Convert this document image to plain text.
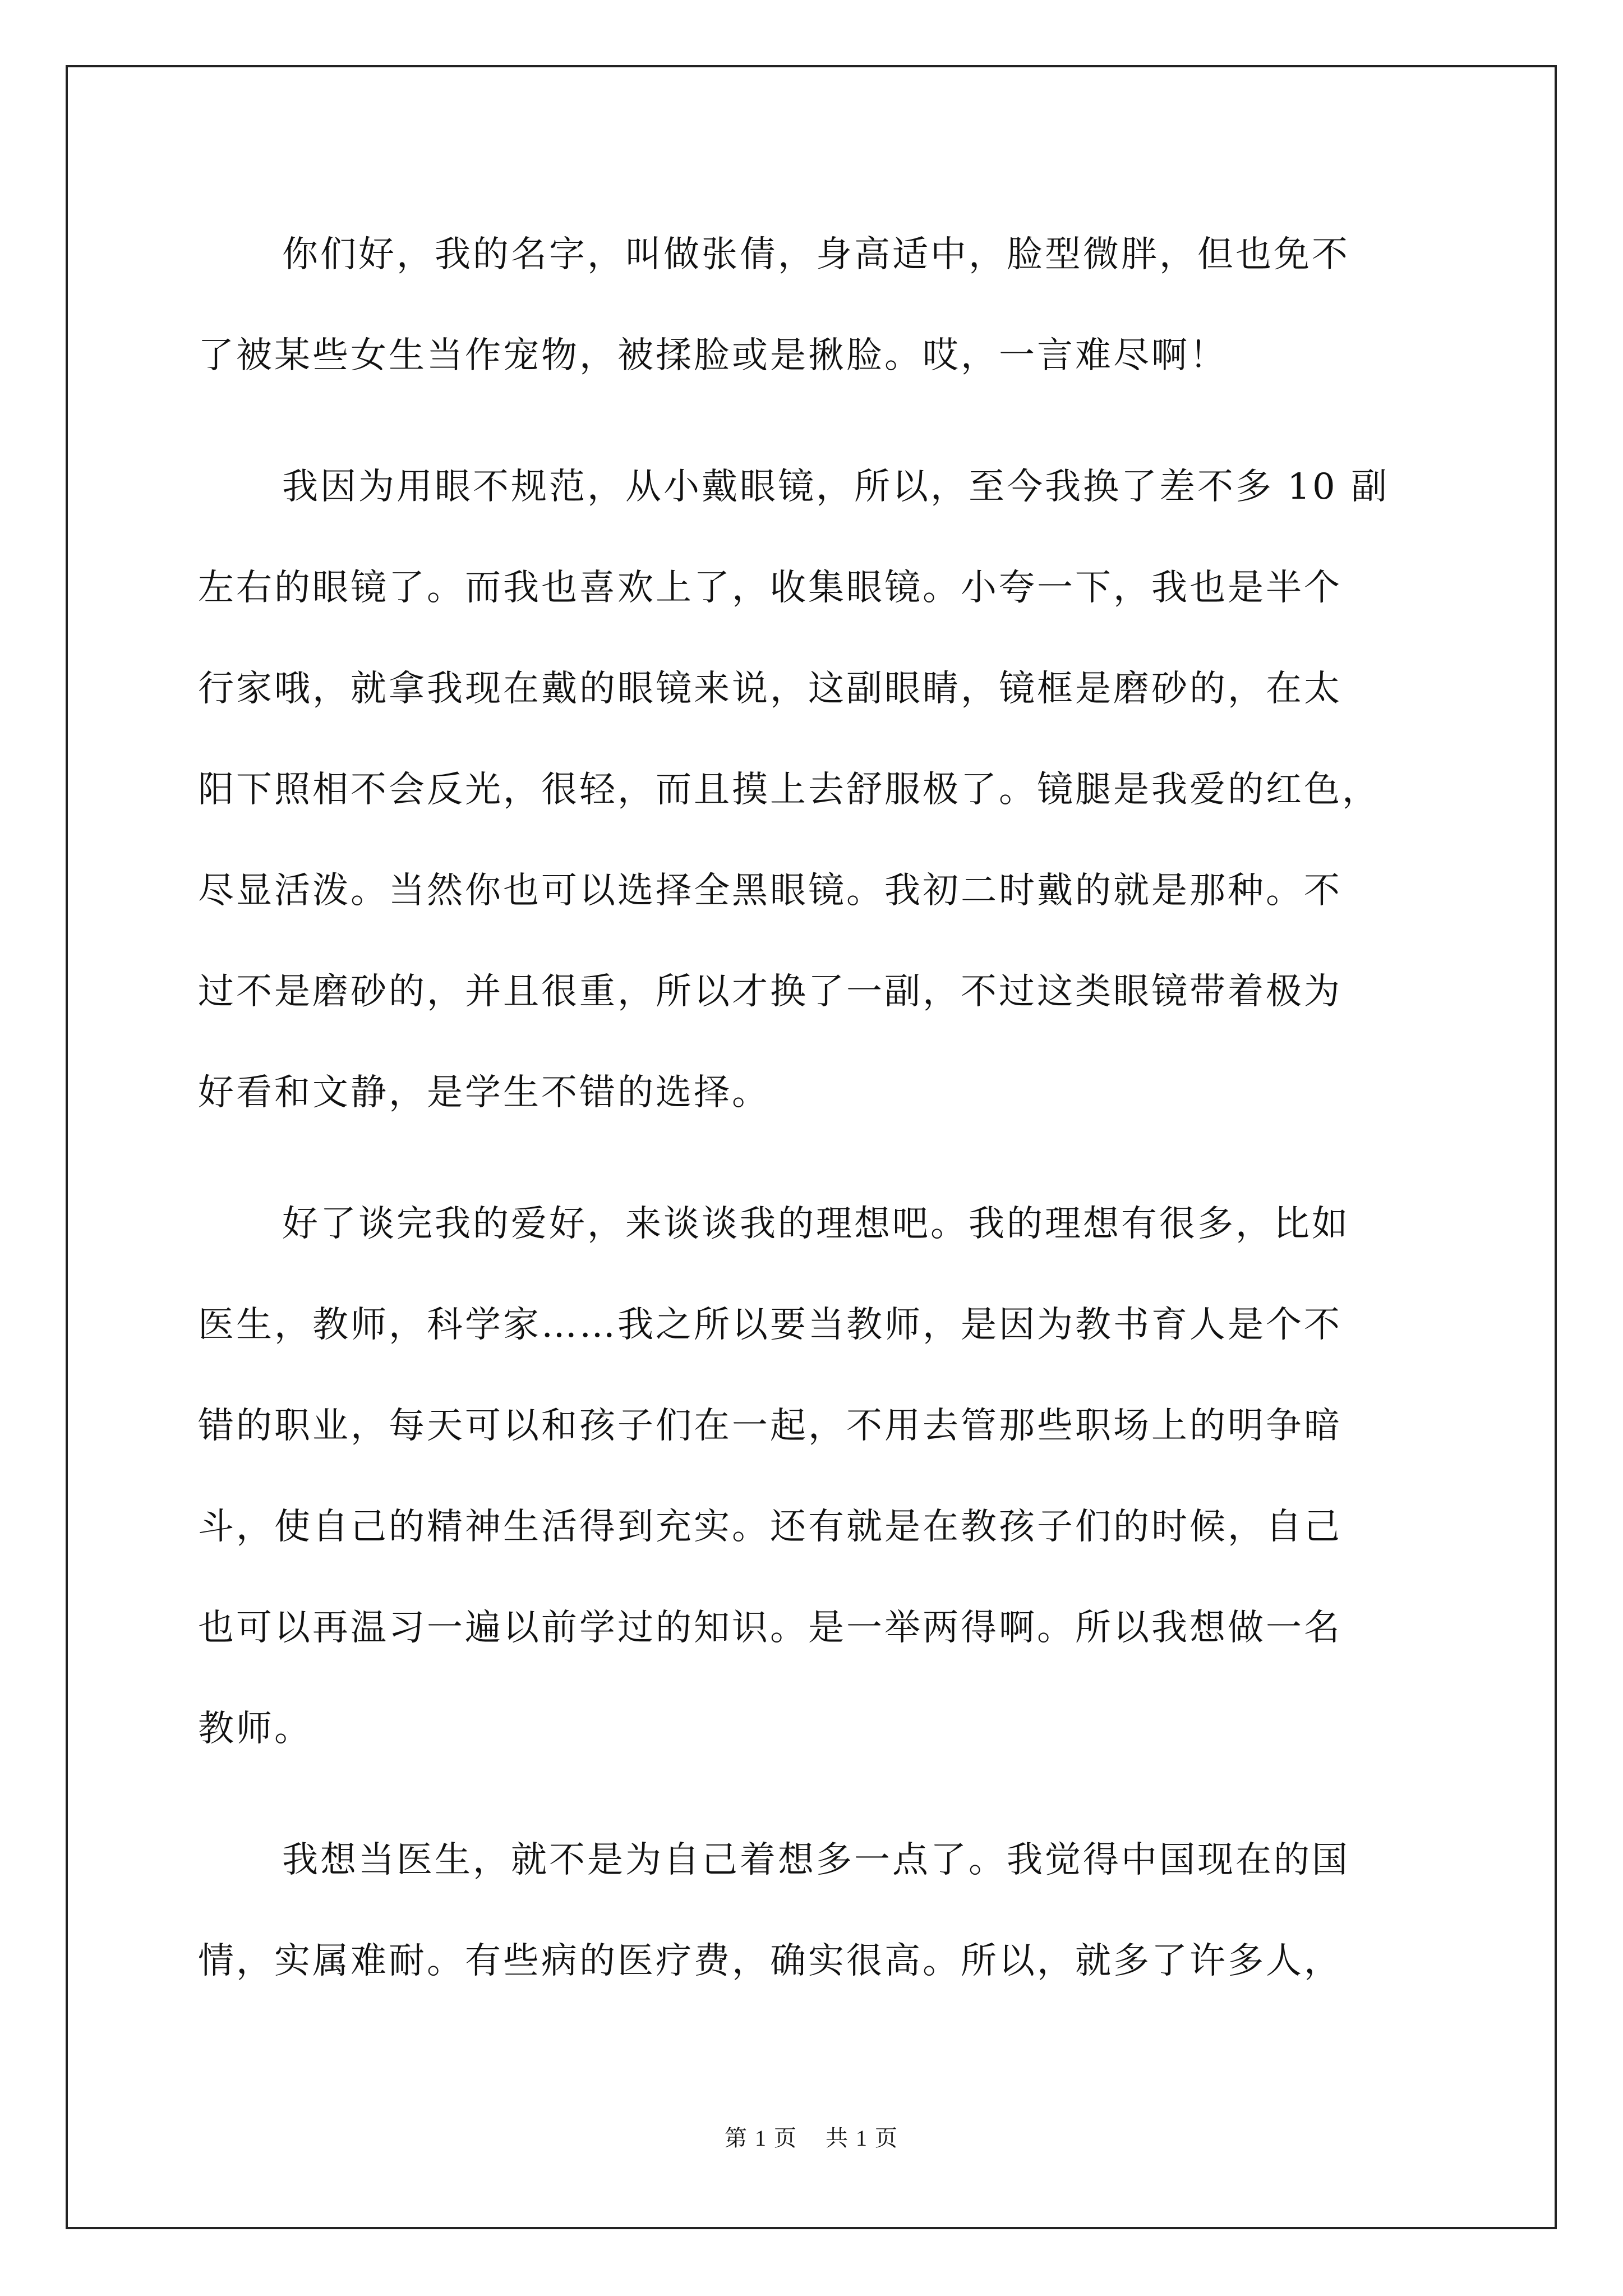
你们好，我的名字，叫做张倩，身高适中，脸型微胖，但也免不
了被某些女生当作宠物，被揉脸或是揪脸。哎，一言难尽啊！
我因为用眼不规范，从小戴眼镜，所以，至今我换了差不多 10 副
左右的眼镜了。而我也喜欢上了，收集眼镜。小夸一下，我也是半个
行家哦，就拿我现在戴的眼镜来说，这副眼睛，镜框是磨砂的，在太
阳下照相不会反光，很轻，而且摸上去舒服极了。镜腿是我爱的红色，
尽显活泼。当然你也可以选择全黑眼镜。我初二时戴的就是那种。不
过不是磨砂的，并且很重，所以才换了一副，不过这类眼镜带着极为
好看和文静，是学生不错的选择。
好了谈完我的爱好，来谈谈我的理想吧。我的理想有很多，比如
医生，教师，科学家……我之所以要当教师，是因为教书育人是个不
错的职业，每天可以和孩子们在一起，不用去管那些职场上的明争暗
斗，使自己的精神生活得到充实。还有就是在教孩子们的时候，自己
也可以再温习一遍以前学过的知识。是一举两得啊。所以我想做一名
教师。
我想当医生，就不是为自己着想多一点了。我觉得中国现在的国
情，实属难耐。有些病的医疗费，确实很高。所以，就多了许多人，
第 1 页 共 1 页
